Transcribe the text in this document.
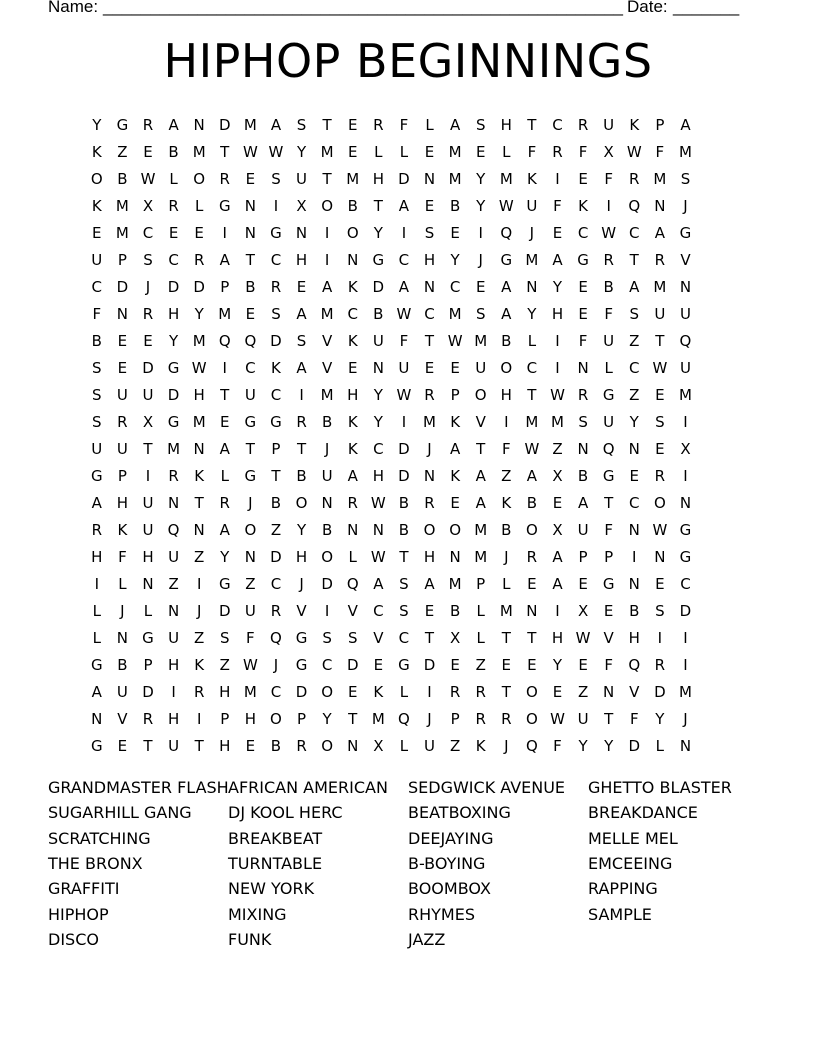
Name: _______________________________________________________ Date: _______
HIPHOP BEGINNINGS
Y	G R	A N D M A	S	T	E	R	F	L	A	S	H	T	C	R U	K	P	A
K	Z	E	B M T W W Y M E	L	L	E M E	L	F	R	F	X W F M
O B W L	O R	E	S	U	T M H D N M Y M K	I	E	F	R M S
K M X	R	L	G N	I	X O B	T	A	E	B	Y W U	F	K	I	Q N	J
E M C	E	E	I	N G N	I	O	Y	I	S	E	I	Q	J	E	C W C	A G
U	P	S	C	R	A	T	C H	I	N G C H	Y	J	G M A G R	T	R	V
C D	J	D D	P	B	R	E	A	K D A N C	E	A N	Y	E	B	A M N
F	N R H	Y M E	S	A M C	B W C M S	A	Y	H	E	F	S	U U
B	E	E	Y M Q Q D	S	V	K	U	F	T W M B	L	I	F	U Z	T	Q
S	E	D G W	I	C	K	A	V	E	N U	E	E	U O C	I	N	L	C W U
S	U U D H	T	U C	I	M H	Y W R	P	O H	T W R G Z	E M
S	R	X G M E	G G R	B	K	Y	I	M K	V	I	M M S	U	Y	S	I
U U	T M N A	T	P	T	J	K	C D	J	A	T	F W Z N Q N	E	X
G	P	I	R	K	L	G	T	B U A H D N	K	A	Z	A	X	B G	E	R	I
A H U N	T	R	J	B O N R W B	R	E	A	K	B	E	A	T	C O N
R	K	U Q N A O Z	Y	B N N B O O M B O X U	F	N W G
H	F	H U Z	Y	N D H O	L W T	H N M	J	R	A	P	P	I	N G
I	L	N Z	I	G Z	C	J	D Q A	S	A M P	L	E	A	E	G N	E	C
L	J	L	N	J	D U R	V	I	V	C	S	E	B	L M N	I	X	E	B	S	D
L	N G U Z	S	F	Q G	S	S	V	C	T	X	L	T	T	H W V H	I	I
G B	P	H	K	Z W	J	G C D	E	G D	E	Z	E	E	Y	E	F	Q R	I
A U D	I	R H M C D O E	K	L	I	R	R	T	O E	Z N V D M
N V	R H	I	P	H O	P	Y	T M Q	J	P	R	R O W U	T	F	Y	J
G	E	T	U	T	H	E	B	R O N X	L	U Z	K	J	Q	F	Y	Y	D	L	N
GRANDMASTER FLASH
SUGARHILL GANG
SCRATCHING
THE BRONX
GRAFFITI
HIPHOP
DISCO
AFRICAN AMERICAN
DJ KOOL HERC
BREAKBEAT
TURNTABLE
NEW YORK
MIXING
FUNK
SEDGWICK AVENUE
BEATBOXING
DEEJAYING
B-BOYING
BOOMBOX
RHYMES
JAZZ
GHETTO BLASTER
BREAKDANCE
MELLE MEL
EMCEEING
RAPPING
SAMPLE
